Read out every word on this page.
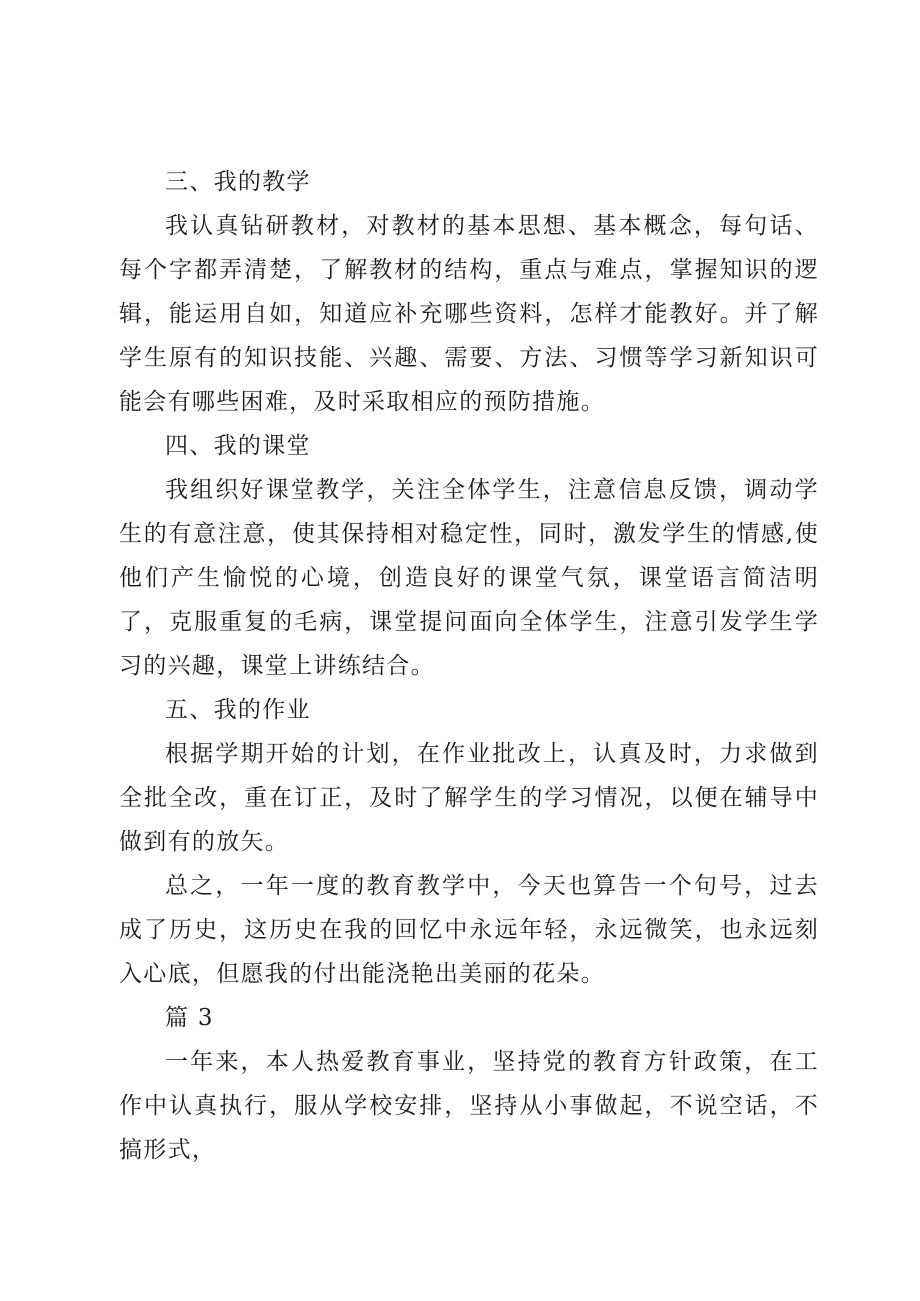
三、我的教学

我认真钻研教材，对教材的基本思想、基本概念，每句话、每个字都弄清楚，了解教材的结构，重点与难点，掌握知识的逻辑，能运用自如，知道应补充哪些资料，怎样才能教好。并了解学生原有的知识技能、兴趣、需要、方法、习惯等学习新知识可能会有哪些困难，及时采取相应的预防措施。

四、我的课堂

我组织好课堂教学，关注全体学生，注意信息反馈，调动学生的有意注意，使其保持相对稳定性，同时，激发学生的情感,使他们产生愉悦的心境，创造良好的课堂气氛，课堂语言简洁明了，克服重复的毛病，课堂提问面向全体学生，注意引发学生学习的兴趣，课堂上讲练结合。

五、我的作业

根据学期开始的计划，在作业批改上，认真及时，力求做到全批全改，重在订正，及时了解学生的学习情况，以便在辅导中做到有的放矢。

总之，一年一度的教育教学中，今天也算告一个句号，过去成了历史，这历史在我的回忆中永远年轻，永远微笑，也永远刻入心底，但愿我的付出能浇艳出美丽的花朵。

篇 3

一年来，本人热爱教育事业，坚持党的教育方针政策，在工作中认真执行，服从学校安排，坚持从小事做起，不说空话，不搞形式，
